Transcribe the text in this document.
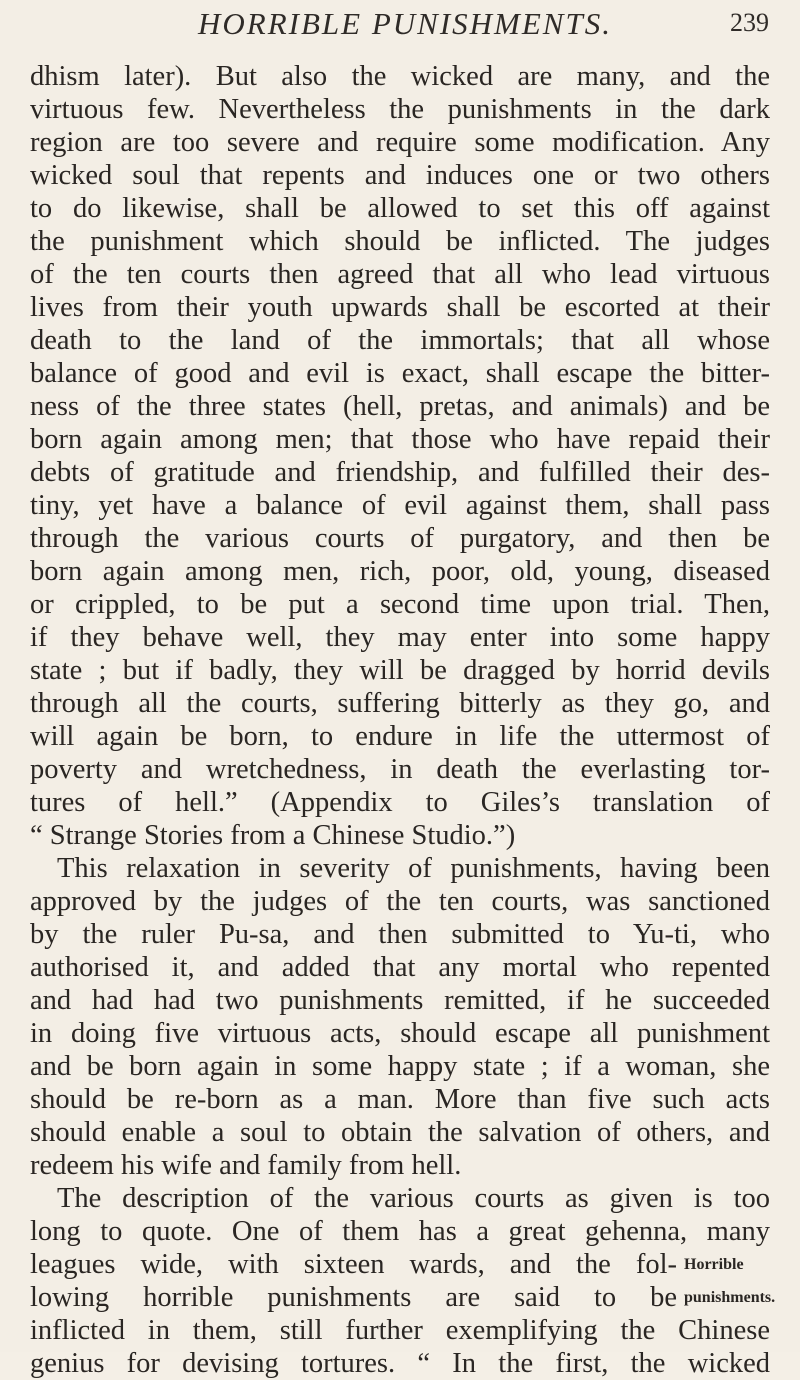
HORRIBLE PUNISHMENTS.	239
dhism later). But also the wicked are many, and the
virtuous few. Nevertheless the punishments in the dark
region are too severe and require some modification. Any
wicked soul that repents and induces one or two others
to do likewise, shall be allowed to set this off against
the punishment which should be inflicted. The judges
of the ten courts then agreed that all who lead virtuous
lives from their youth upwards shall be escorted at their
death to the land of the immortals; that all whose
balance of good and evil is exact, shall escape the bitter-
ness of the three states (hell, pretas, and animals) and be
born again among men; that those who have repaid their
debts of gratitude and friendship, and fulfilled their des-
tiny, yet have a balance of evil against them, shall pass
through the various courts of purgatory, and then be
born again among men, rich, poor, old, young, diseased
or crippled, to be put a second time upon trial. Then,
if they behave well, they may enter into some happy
state ; but if badly, they will be dragged by horrid devils
through all the courts, suffering bitterly as they go, and
will again be born, to endure in life the uttermost of
poverty and wretchedness, in death the everlasting tor-
tures of hell.” (Appendix to Giles’s translation of
“ Strange Stories from a Chinese Studio.”)
This relaxation in severity of punishments, having been
approved by the judges of the ten courts, was sanctioned
by the ruler Pu-sa, and then submitted to Yu-ti, who
authorised it, and added that any mortal who repented
and had had two punishments remitted, if he succeeded
in doing five virtuous acts, should escape all punishment
and be born again in some happy state ; if a woman, she
should be re-born as a man. More than five such acts
should enable a soul to obtain the salvation of others, and
redeem his wife and family from hell.
The description of the various courts as given is too
long to quote. One of them has a great gehenna, many
leagues wide, with sixteen wards, and the fol-
lowing horrible punishments are said to be
inflicted in them, still further exemplifying the Chinese
genius for devising tortures. “ In the first, the wicked
Horrible
punishments.
